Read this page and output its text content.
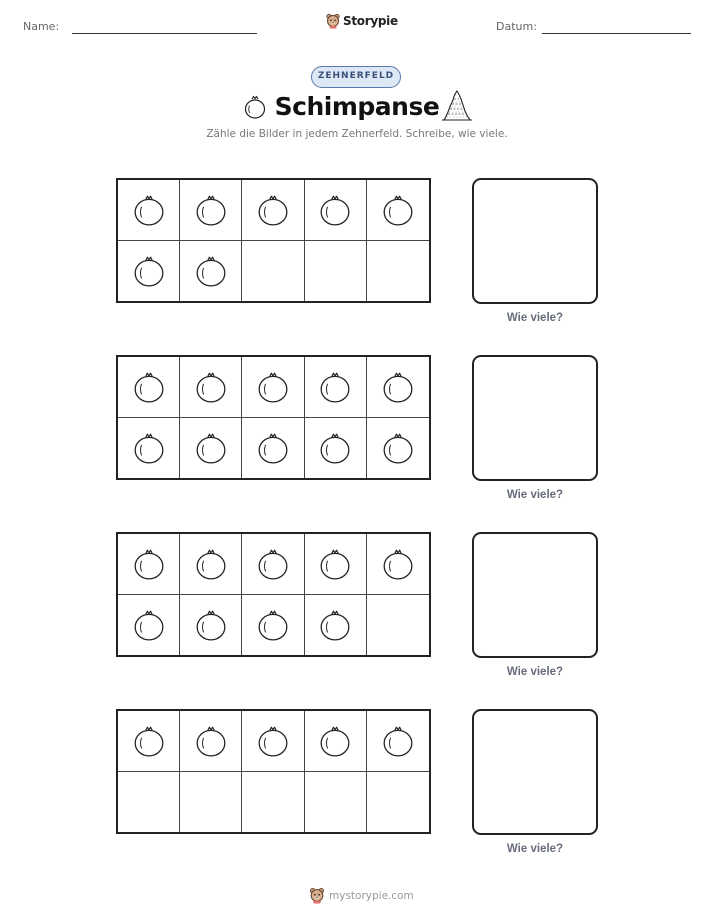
Name:	Storypie	Datum:
ZEHNERFELD
Schimpanse
Zähle die Bilder in jedem Zehnerfeld. Schreibe, wie viele.
Wie viele?
Wie viele?
Wie viele?
Wie viele?
mystorypie.com
